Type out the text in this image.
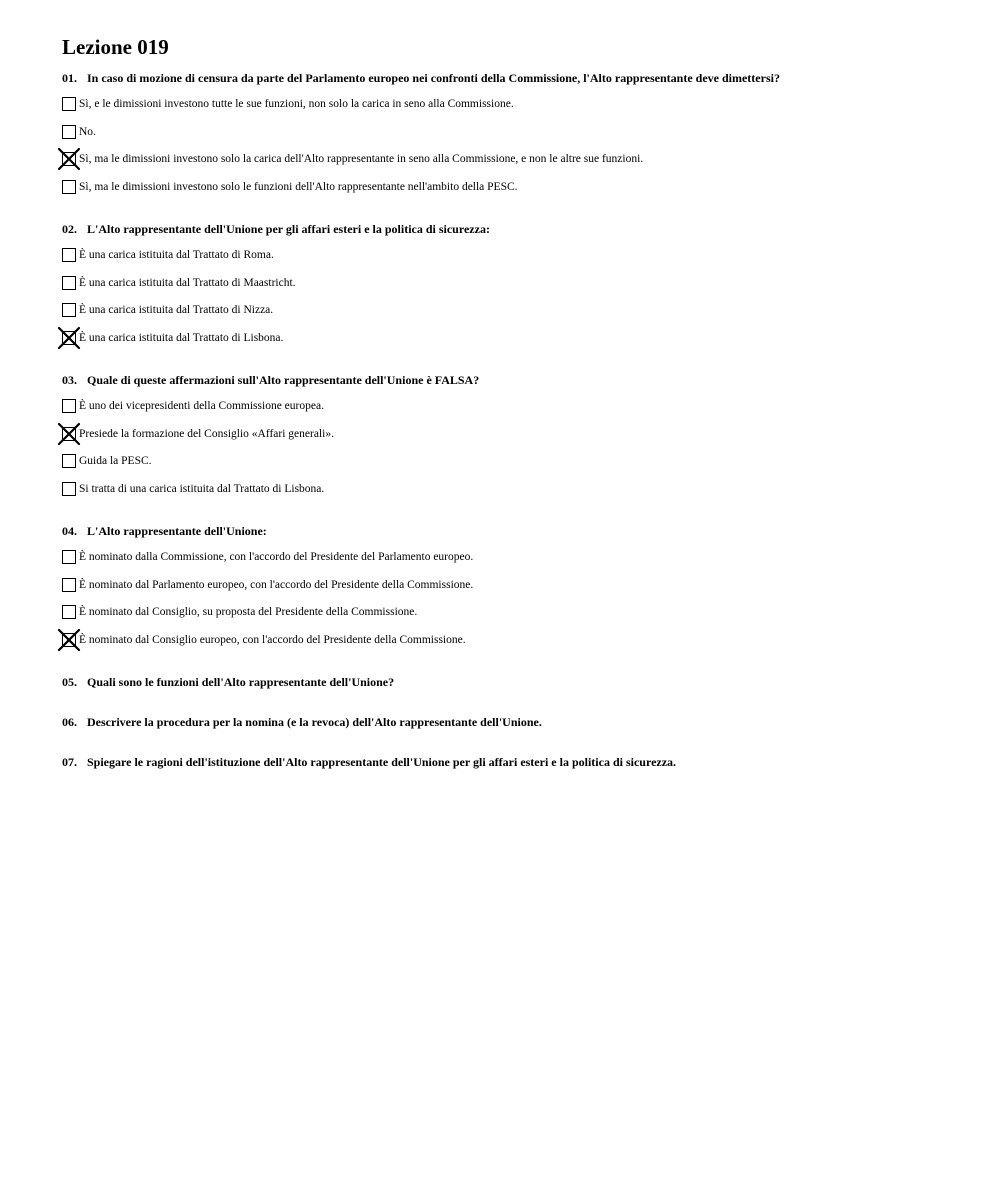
Lezione 019
01. In caso di mozione di censura da parte del Parlamento europeo nei confronti della Commissione, l'Alto rappresentante deve dimettersi?
Sì, e le dimissioni investono tutte le sue funzioni, non solo la carica in seno alla Commissione.
No.
Sì, ma le dimissioni investono solo la carica dell'Alto rappresentante in seno alla Commissione, e non le altre sue funzioni.
Sì, ma le dimissioni investono solo le funzioni dell'Alto rappresentante nell'ambito della PESC.
02. L'Alto rappresentante dell'Unione per gli affari esteri e la politica di sicurezza:
È una carica istituita dal Trattato di Roma.
È una carica istituita dal Trattato di Maastricht.
È una carica istituita dal Trattato di Nizza.
È una carica istituita dal Trattato di Lisbona.
03. Quale di queste affermazioni sull'Alto rappresentante dell'Unione è FALSA?
È uno dei vicepresidenti della Commissione europea.
Presiede la formazione del Consiglio «Affari generali».
Guida la PESC.
Si tratta di una carica istituita dal Trattato di Lisbona.
04. L'Alto rappresentante dell'Unione:
È nominato dalla Commissione, con l'accordo del Presidente del Parlamento europeo.
È nominato dal Parlamento europeo, con l'accordo del Presidente della Commissione.
È nominato dal Consiglio, su proposta del Presidente della Commissione.
È nominato dal Consiglio europeo, con l'accordo del Presidente della Commissione.
05. Quali sono le funzioni dell'Alto rappresentante dell'Unione?
06. Descrivere la procedura per la nomina (e la revoca) dell'Alto rappresentante dell'Unione.
07. Spiegare le ragioni dell'istituzione dell'Alto rappresentante dell'Unione per gli affari esteri e la politica di sicurezza.
